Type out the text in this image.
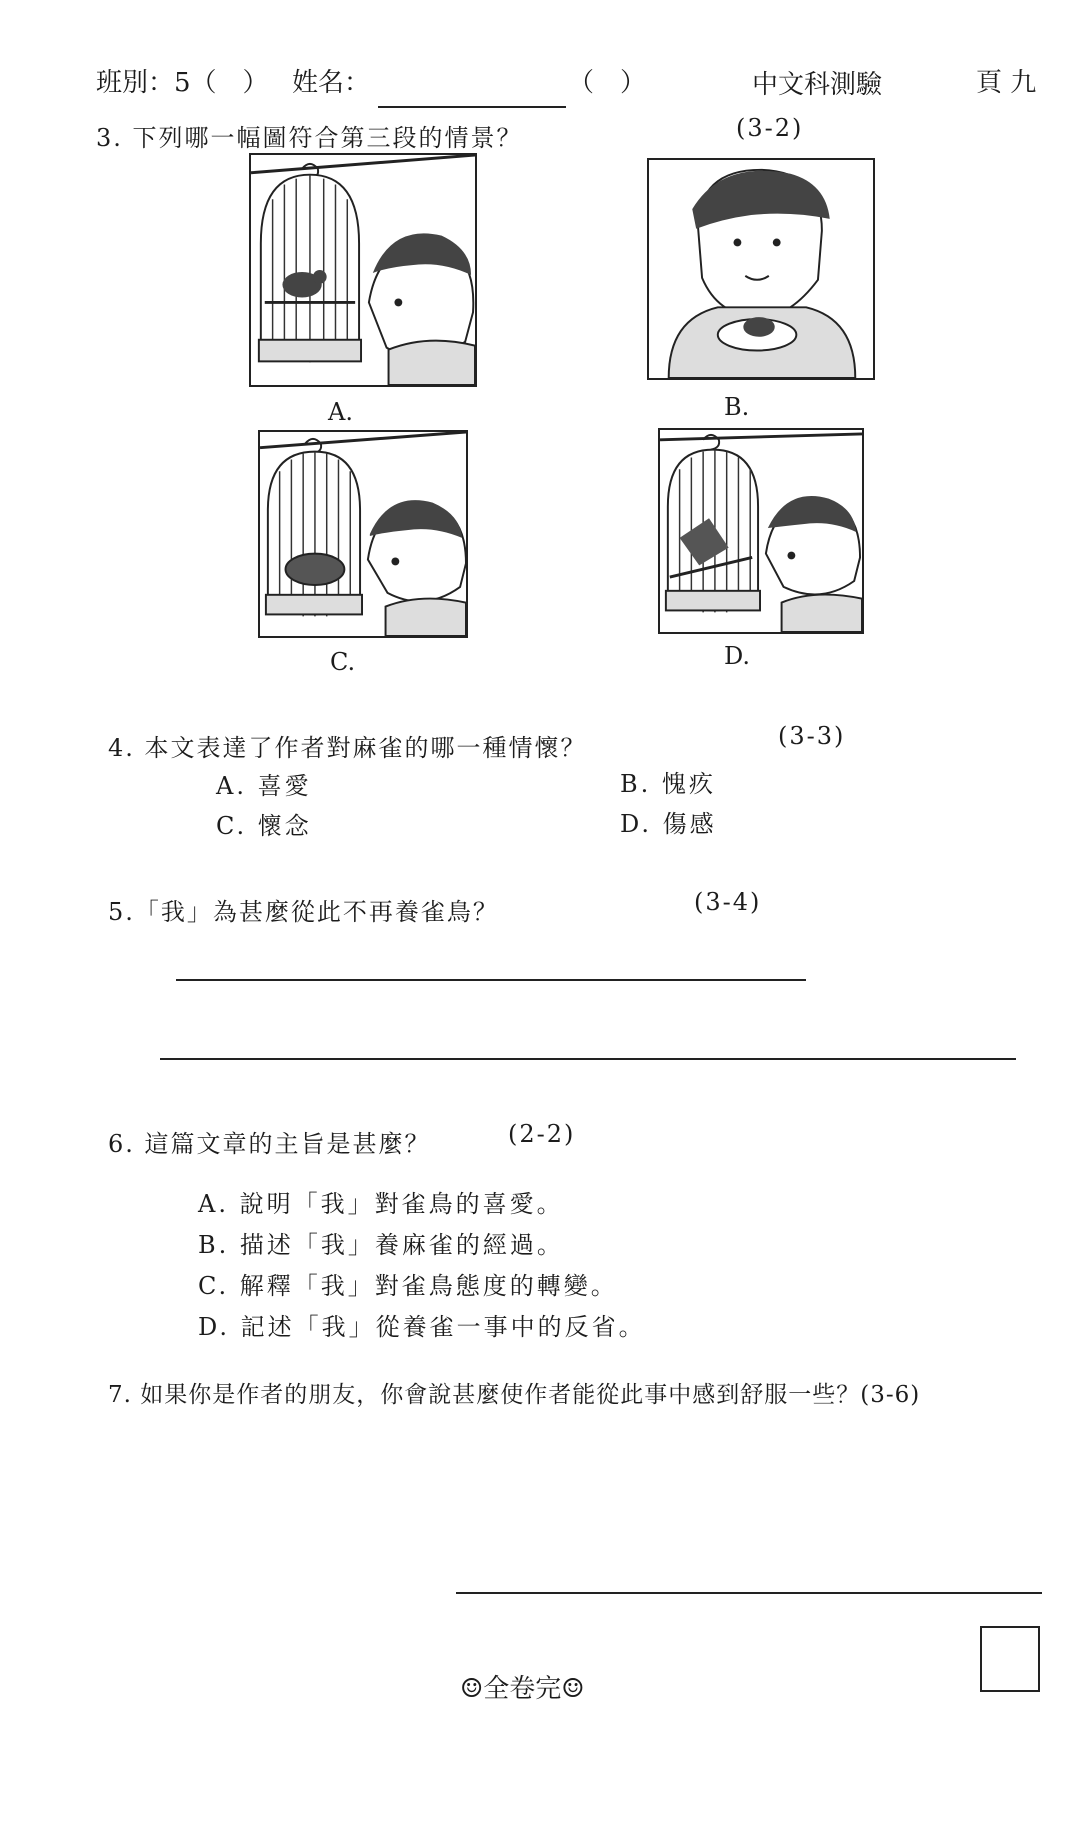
班別：5（　） 姓名：	（　）	中文科測驗	頁 九
3. 下列哪一幅圖符合第三段的情景？	(3-2)
A.	B.
C.	D.
4. 本文表達了作者對麻雀的哪一種情懷？	(3-3)
A. 喜愛	B. 愧疚
C. 懷念	D. 傷感
5.「我」為甚麼從此不再養雀鳥？	(3-4)
6. 這篇文章的主旨是甚麼？	(2-2)
A. 說明「我」對雀鳥的喜愛。
B. 描述「我」養麻雀的經過。
C. 解釋「我」對雀鳥態度的轉變。
D. 記述「我」從養雀一事中的反省。
7. 如果你是作者的朋友，你會說甚麼使作者能從此事中感到舒服一些？(3-6)
☺全卷完☺
